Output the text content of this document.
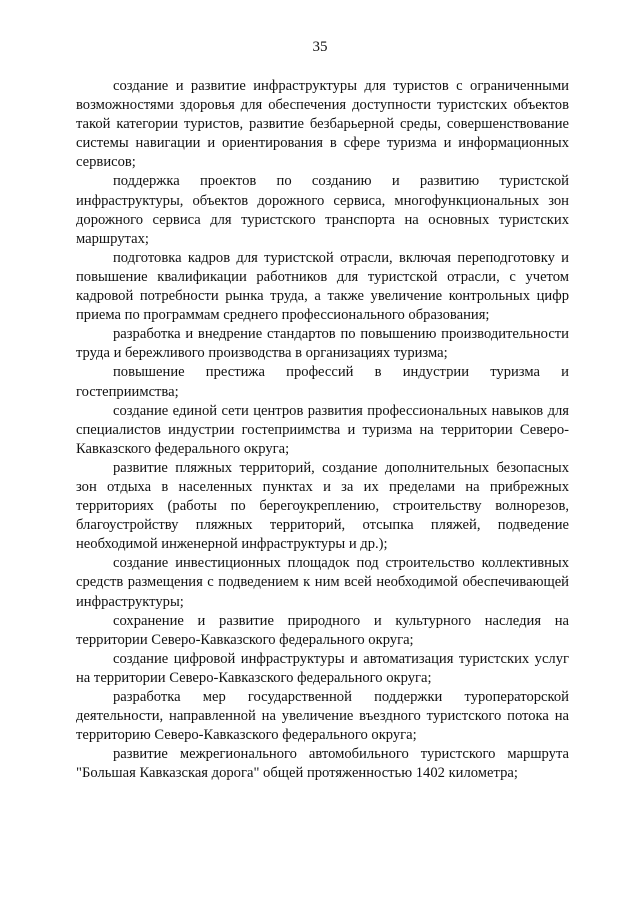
35

создание и развитие инфраструктуры для туристов с ограниченными возможностями здоровья для обеспечения доступности туристских объектов такой категории туристов, развитие безбарьерной среды, совершенствование системы навигации и ориентирования в сфере туризма и информационных сервисов;

поддержка проектов по созданию и развитию туристской инфраструктуры, объектов дорожного сервиса, многофункциональных зон дорожного сервиса для туристского транспорта на основных туристских маршрутах;

подготовка кадров для туристской отрасли, включая переподготовку и повышение квалификации работников для туристской отрасли, с учетом кадровой потребности рынка труда, а также увеличение контрольных цифр приема по программам среднего профессионального образования;

разработка и внедрение стандартов по повышению производительности труда и бережливого производства в организациях туризма;

повышение престижа профессий в индустрии туризма и гостеприимства;

создание единой сети центров развития профессиональных навыков для специалистов индустрии гостеприимства и туризма на территории Северо-Кавказского федерального округа;

развитие пляжных территорий, создание дополнительных безопасных зон отдыха в населенных пунктах и за их пределами на прибрежных территориях (работы по берегоукреплению, строительству волнорезов, благоустройству пляжных территорий, отсыпка пляжей, подведение необходимой инженерной инфраструктуры и др.);

создание инвестиционных площадок под строительство коллективных средств размещения с подведением к ним всей необходимой обеспечивающей инфраструктуры;

сохранение и развитие природного и культурного наследия на территории Северо-Кавказского федерального округа;

создание цифровой инфраструктуры и автоматизация туристских услуг на территории Северо-Кавказского федерального округа;

разработка мер государственной поддержки туроператорской деятельности, направленной на увеличение въездного туристского потока на территорию Северо-Кавказского федерального округа;

развитие межрегионального автомобильного туристского маршрута "Большая Кавказская дорога" общей протяженностью 1402 километра;
